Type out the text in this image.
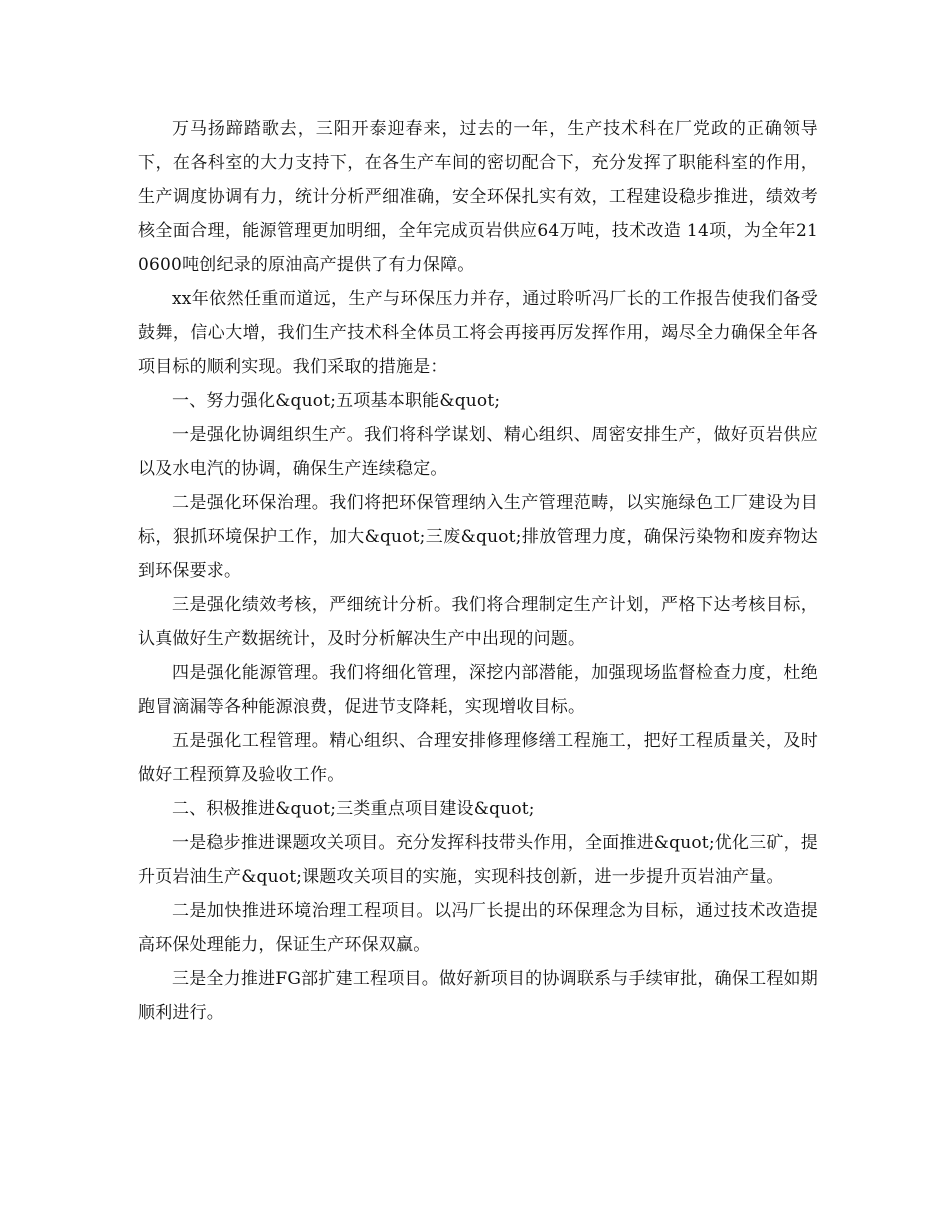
万马扬蹄踏歌去，三阳开泰迎春来，过去的一年，生产技术科在厂党政的正确领导下，在各科室的大力支持下，在各生产车间的密切配合下，充分发挥了职能科室的作用，生产调度协调有力，统计分析严细准确，安全环保扎实有效，工程建设稳步推进，绩效考核全面合理，能源管理更加明细，全年完成页岩供应64万吨，技术改造 14项，为全年210600吨创纪录的原油高产提供了有力保障。

xx年依然任重而道远，生产与环保压力并存，通过聆听冯厂长的工作报告使我们备受鼓舞，信心大增，我们生产技术科全体员工将会再接再厉发挥作用，竭尽全力确保全年各项目标的顺利实现。我们采取的措施是：

一、努力强化&quot;五项基本职能&quot;

一是强化协调组织生产。我们将科学谋划、精心组织、周密安排生产，做好页岩供应以及水电汽的协调，确保生产连续稳定。

二是强化环保治理。我们将把环保管理纳入生产管理范畴，以实施绿色工厂建设为目标，狠抓环境保护工作，加大&quot;三废&quot;排放管理力度，确保污染物和废弃物达到环保要求。

三是强化绩效考核，严细统计分析。我们将合理制定生产计划，严格下达考核目标，认真做好生产数据统计，及时分析解决生产中出现的问题。

四是强化能源管理。我们将细化管理，深挖内部潜能，加强现场监督检查力度，杜绝跑冒滴漏等各种能源浪费，促进节支降耗，实现增收目标。

五是强化工程管理。精心组织、合理安排修理修缮工程施工，把好工程质量关，及时做好工程预算及验收工作。

二、积极推进&quot;三类重点项目建设&quot;

一是稳步推进课题攻关项目。充分发挥科技带头作用，全面推进&quot;优化三矿，提升页岩油生产&quot;课题攻关项目的实施，实现科技创新，进一步提升页岩油产量。

二是加快推进环境治理工程项目。以冯厂长提出的环保理念为目标，通过技术改造提高环保处理能力，保证生产环保双赢。

三是全力推进FG部扩建工程项目。做好新项目的协调联系与手续审批，确保工程如期顺利进行。
